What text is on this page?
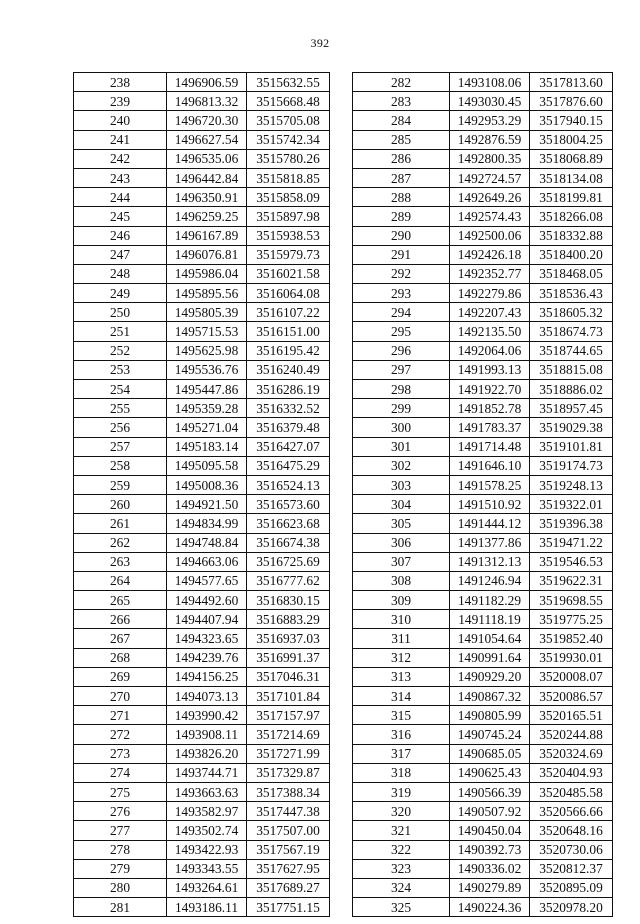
392
238	1496906.59	3515632.55
239	1496813.32	3515668.48
240	1496720.30	3515705.08
241	1496627.54	3515742.34
242	1496535.06	3515780.26
243	1496442.84	3515818.85
244	1496350.91	3515858.09
245	1496259.25	3515897.98
246	1496167.89	3515938.53
247	1496076.81	3515979.73
248	1495986.04	3516021.58
249	1495895.56	3516064.08
250	1495805.39	3516107.22
251	1495715.53	3516151.00
252	1495625.98	3516195.42
253	1495536.76	3516240.49
254	1495447.86	3516286.19
255	1495359.28	3516332.52
256	1495271.04	3516379.48
257	1495183.14	3516427.07
258	1495095.58	3516475.29
259	1495008.36	3516524.13
260	1494921.50	3516573.60
261	1494834.99	3516623.68
262	1494748.84	3516674.38
263	1494663.06	3516725.69
264	1494577.65	3516777.62
265	1494492.60	3516830.15
266	1494407.94	3516883.29
267	1494323.65	3516937.03
268	1494239.76	3516991.37
269	1494156.25	3517046.31
270	1494073.13	3517101.84
271	1493990.42	3517157.97
272	1493908.11	3517214.69
273	1493826.20	3517271.99
274	1493744.71	3517329.87
275	1493663.63	3517388.34
276	1493582.97	3517447.38
277	1493502.74	3517507.00
278	1493422.93	3517567.19
279	1493343.55	3517627.95
280	1493264.61	3517689.27
281	1493186.11	3517751.15
282	1493108.06	3517813.60
283	1493030.45	3517876.60
284	1492953.29	3517940.15
285	1492876.59	3518004.25
286	1492800.35	3518068.89
287	1492724.57	3518134.08
288	1492649.26	3518199.81
289	1492574.43	3518266.08
290	1492500.06	3518332.88
291	1492426.18	3518400.20
292	1492352.77	3518468.05
293	1492279.86	3518536.43
294	1492207.43	3518605.32
295	1492135.50	3518674.73
296	1492064.06	3518744.65
297	1491993.13	3518815.08
298	1491922.70	3518886.02
299	1491852.78	3518957.45
300	1491783.37	3519029.38
301	1491714.48	3519101.81
302	1491646.10	3519174.73
303	1491578.25	3519248.13
304	1491510.92	3519322.01
305	1491444.12	3519396.38
306	1491377.86	3519471.22
307	1491312.13	3519546.53
308	1491246.94	3519622.31
309	1491182.29	3519698.55
310	1491118.19	3519775.25
311	1491054.64	3519852.40
312	1490991.64	3519930.01
313	1490929.20	3520008.07
314	1490867.32	3520086.57
315	1490805.99	3520165.51
316	1490745.24	3520244.88
317	1490685.05	3520324.69
318	1490625.43	3520404.93
319	1490566.39	3520485.58
320	1490507.92	3520566.66
321	1490450.04	3520648.16
322	1490392.73	3520730.06
323	1490336.02	3520812.37
324	1490279.89	3520895.09
325	1490224.36	3520978.20
